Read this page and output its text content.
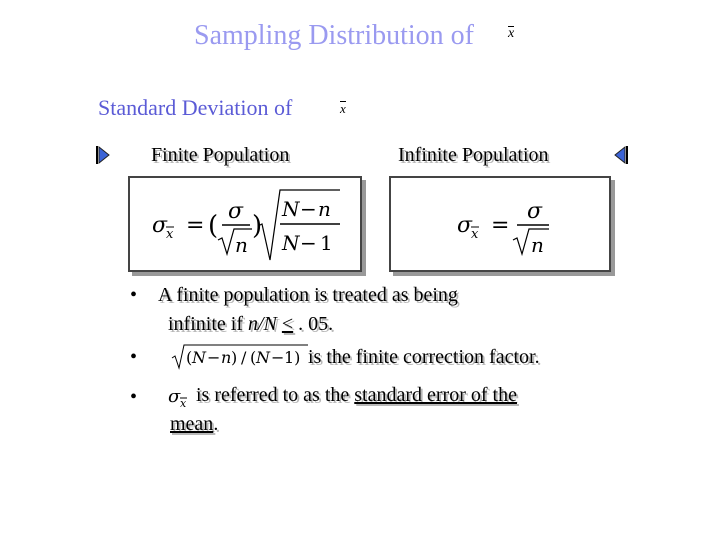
Sampling Distribution of x
Standard Deviation of	x
Finite Population	Infinite Population
σ
x = ( σ
n
)
N − n
N − 1
σ
x =
σ
n
• A finite population is treated as being
infinite if n/N < . 05.
•	( N − n ) / ( N − 1) is the finite correction factor.
• σ x is referred to as the standard error of the
mean.
